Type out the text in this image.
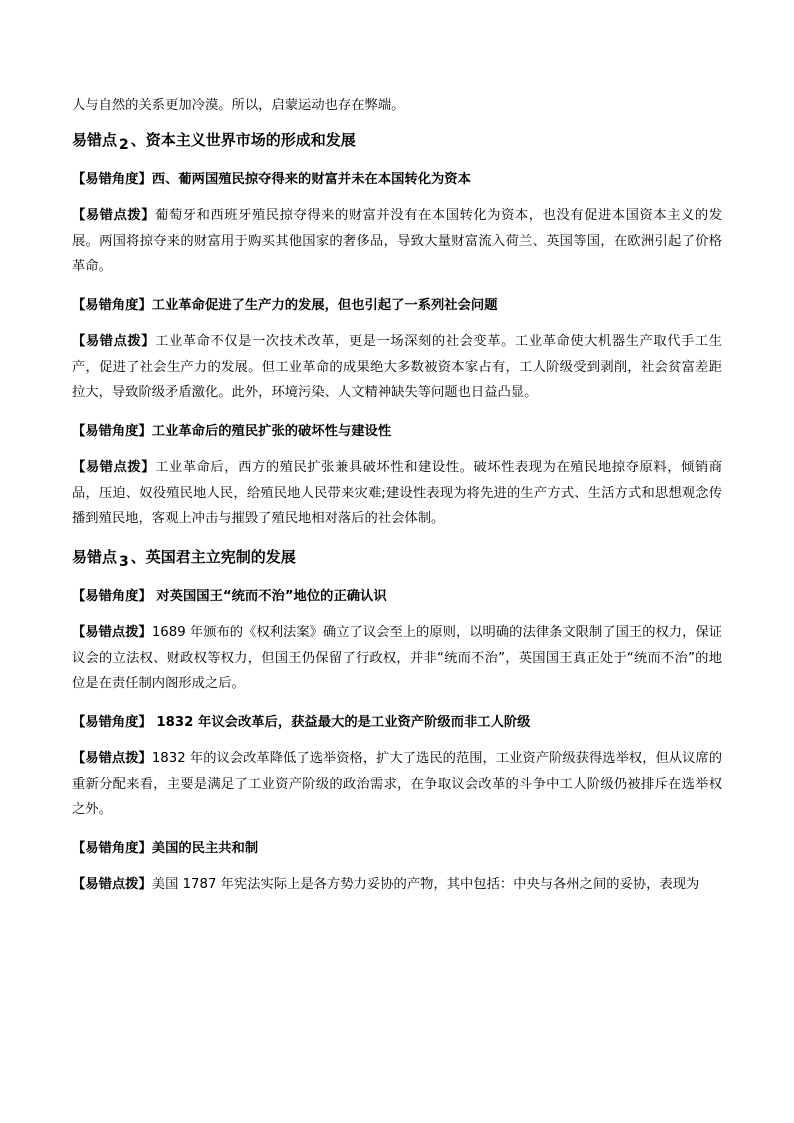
人与自然的关系更加冷漠。所以，启蒙运动也存在弊端。

易错点 2 、资本主义世界市场的形成和发展

【易错角度】西、葡两国殖民掠夺得来的财富并未在本国转化为资本

【易错点拨】葡萄牙和西班牙殖民掠夺得来的财富并没有在本国转化为资本，也没有促进本国资本主义的发展。两国将掠夺来的财富用于购买其他国家的奢侈品，导致大量财富流入荷兰、英国等国，在欧洲引起了价格革命。

【易错角度】工业革命促进了生产力的发展，但也引起了一系列社会问题

【易错点拨】工业革命不仅是一次技术改革，更是一场深刻的社会变革。工业革命使大机器生产取代手工生产，促进了社会生产力的发展。但工业革命的成果绝大多数被资本家占有，工人阶级受到剥削，社会贫富差距拉大，导致阶级矛盾激化。此外，环境污染、人文精神缺失等问题也日益凸显。

【易错角度】工业革命后的殖民扩张的破坏性与建设性

【易错点拨】工业革命后，西方的殖民扩张兼具破坏性和建设性。破坏性表现为在殖民地掠夺原料，倾销商品，压迫、奴役殖民地人民，给殖民地人民带来灾难;建设性表现为将先进的生产方式、生活方式和思想观念传播到殖民地，客观上冲击与摧毁了殖民地相对落后的社会体制。

易错点 3 、英国君主立宪制的发展

【易错角度】 对英国国王“统而不治”地位的正确认识

【易错点拨】1689 年颁布的《权利法案》确立了议会至上的原则，以明确的法律条文限制了国王的权力，保证议会的立法权、财政权等权力，但国王仍保留了行政权，并非“统而不治”，英国国王真正处于“统而不治”的地位是在责任制内阁形成之后。

【易错角度】 1832 年议会改革后，获益最大的是工业资产阶级而非工人阶级

【易错点拨】1832 年的议会改革降低了选举资格，扩大了选民的范围，工业资产阶级获得选举权，但从议席的重新分配来看，主要是满足了工业资产阶级的政治需求，在争取议会改革的斗争中工人阶级仍被排斥在选举权之外。

【易错角度】美国的民主共和制

【易错点拨】美国 1787 年宪法实际上是各方势力妥协的产物，其中包括：中央与各州之间的妥协，表现为
